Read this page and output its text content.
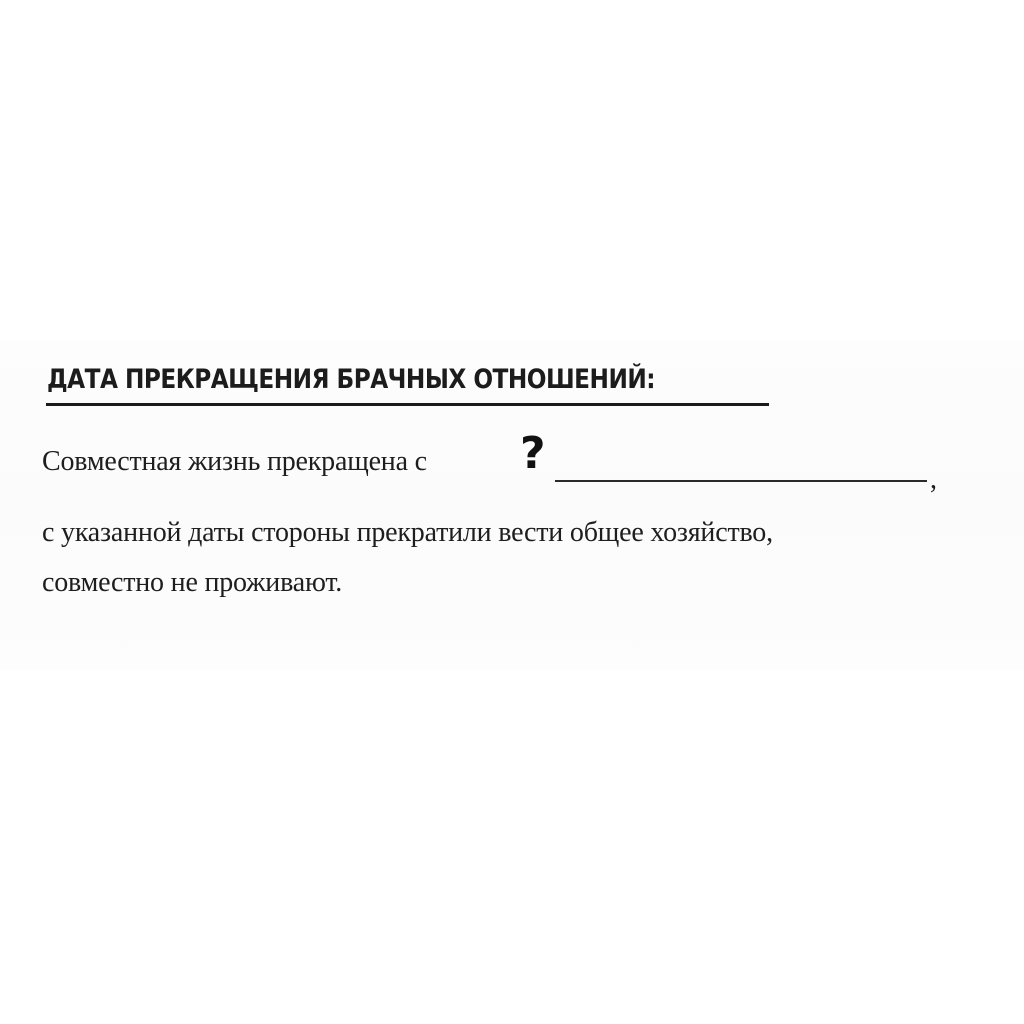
ДАТА ПРЕКРАЩЕНИЯ БРАЧНЫХ ОТНОШЕНИЙ:
Совместная жизнь прекращена с ?
,
с указанной даты стороны прекратили вести общее хозяйство,
совместно не проживают.
